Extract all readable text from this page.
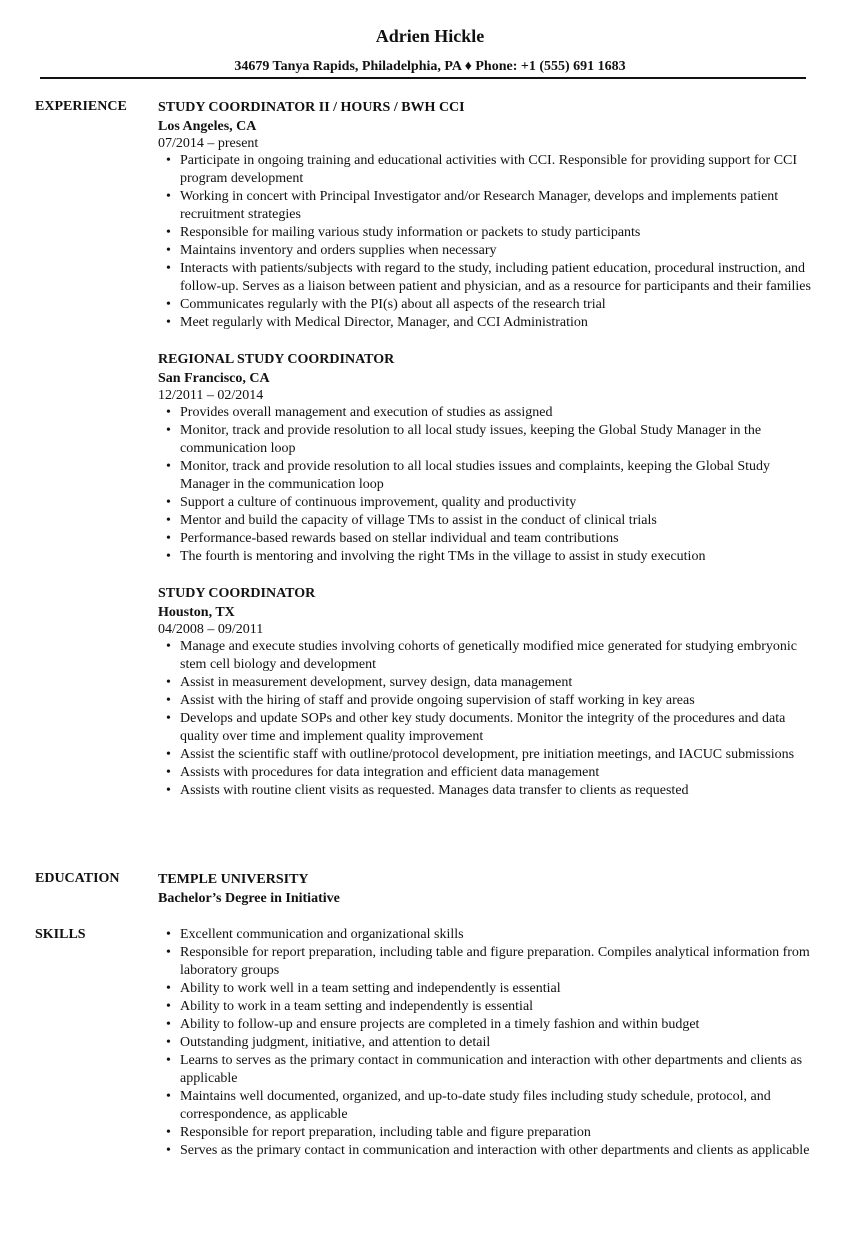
Adrien Hickle
34679 Tanya Rapids, Philadelphia, PA ♦ Phone: +1 (555) 691 1683
EXPERIENCE STUDY COORDINATOR II / HOURS / BWH CCI
Los Angeles, CA
07/2014 – present
• Participate in ongoing training and educational activities with CCI. Responsible for providing support for CCI program development
• Working in concert with Principal Investigator and/or Research Manager, develops and implements patient recruitment strategies
• Responsible for mailing various study information or packets to study participants
• Maintains inventory and orders supplies when necessary
• Interacts with patients/subjects with regard to the study, including patient education, procedural instruction, and follow-up. Serves as a liaison between patient and physician, and as a resource for participants and their families
• Communicates regularly with the PI(s) about all aspects of the research trial
• Meet regularly with Medical Director, Manager, and CCI Administration
REGIONAL STUDY COORDINATOR
San Francisco, CA
12/2011 – 02/2014
• Provides overall management and execution of studies as assigned
• Monitor, track and provide resolution to all local study issues, keeping the Global Study Manager in the communication loop
• Monitor, track and provide resolution to all local studies issues and complaints, keeping the Global Study Manager in the communication loop
• Support a culture of continuous improvement, quality and productivity
• Mentor and build the capacity of village TMs to assist in the conduct of clinical trials
• Performance-based rewards based on stellar individual and team contributions
• The fourth is mentoring and involving the right TMs in the village to assist in study execution
STUDY COORDINATOR
Houston, TX
04/2008 – 09/2011
• Manage and execute studies involving cohorts of genetically modified mice generated for studying embryonic stem cell biology and development
• Assist in measurement development, survey design, data management
• Assist with the hiring of staff and provide ongoing supervision of staff working in key areas
• Develops and update SOPs and other key study documents. Monitor the integrity of the procedures and data quality over time and implement quality improvement
• Assist the scientific staff with outline/protocol development, pre initiation meetings, and IACUC submissions
• Assists with procedures for data integration and efficient data management
• Assists with routine client visits as requested. Manages data transfer to clients as requested
EDUCATION	TEMPLE UNIVERSITY
Bachelor’s Degree in Initiative
SKILLS
•	Excellent communication and organizational skills
• Responsible for report preparation, including table and figure preparation. Compiles analytical information from laboratory groups
• Ability to work well in a team setting and independently is essential
• Ability to work in a team setting and independently is essential
• Ability to follow-up and ensure projects are completed in a timely fashion and within budget
• Outstanding judgment, initiative, and attention to detail
• Learns to serves as the primary contact in communication and interaction with other departments and clients as applicable
• Maintains well documented, organized, and up-to-date study files including study schedule, protocol, and correspondence, as applicable
• Responsible for report preparation, including table and figure preparation
• Serves as the primary contact in communication and interaction with other departments and clients as applicable
